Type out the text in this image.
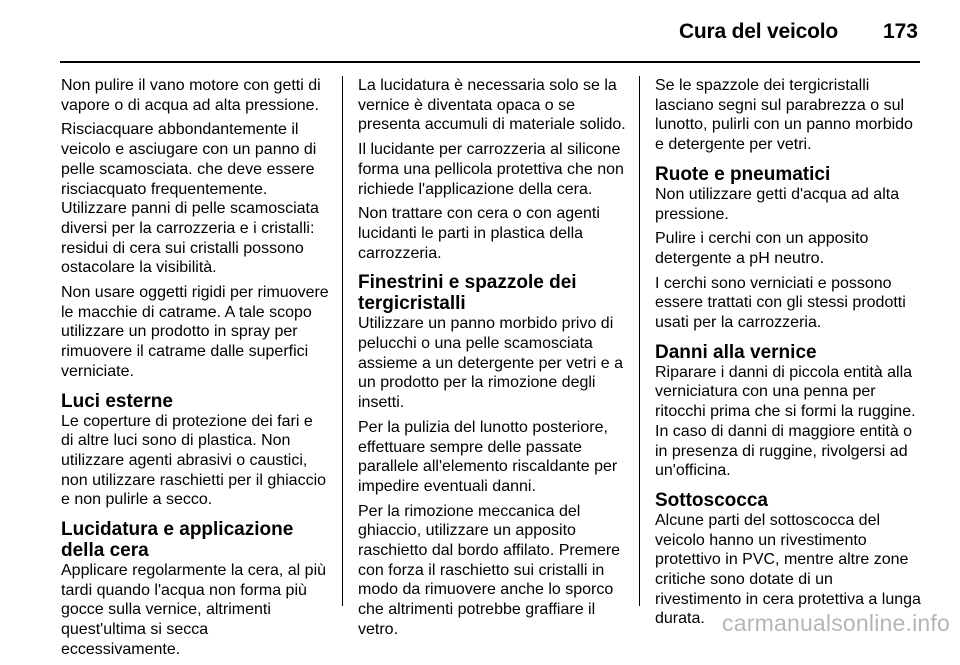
Cura del veicolo 173

Non pulire il vano motore con getti di vapore o di acqua ad alta pressione.

Risciacquare abbondantemente il veicolo e asciugare con un panno di pelle scamosciata. che deve essere risciacquato frequentemente. Utilizzare panni di pelle scamosciata diversi per la carrozzeria e i cristalli: residui di cera sui cristalli possono ostacolare la visibilità.

Non usare oggetti rigidi per rimuovere le macchie di catrame. A tale scopo utilizzare un prodotto in spray per rimuovere il catrame dalle superfici verniciate.

Luci esterne

Le coperture di protezione dei fari e di altre luci sono di plastica. Non utilizzare agenti abrasivi o caustici, non utilizzare raschietti per il ghiaccio e non pulirle a secco.

Lucidatura e applicazione della cera

Applicare regolarmente la cera, al più tardi quando l'acqua non forma più gocce sulla vernice, altrimenti quest'ultima si secca eccessivamente.

La lucidatura è necessaria solo se la vernice è diventata opaca o se presenta accumuli di materiale solido.

Il lucidante per carrozzeria al silicone forma una pellicola protettiva che non richiede l'applicazione della cera.

Non trattare con cera o con agenti lucidanti le parti in plastica della carrozzeria.

Finestrini e spazzole dei tergicristalli

Utilizzare un panno morbido privo di pelucchi o una pelle scamosciata assieme a un detergente per vetri e a un prodotto per la rimozione degli insetti.

Per la pulizia del lunotto posteriore, effettuare sempre delle passate parallele all'elemento riscaldante per impedire eventuali danni.

Per la rimozione meccanica del ghiaccio, utilizzare un apposito raschietto dal bordo affilato. Premere con forza il raschietto sui cristalli in modo da rimuovere anche lo sporco che altrimenti potrebbe graffiare il vetro.

Se le spazzole dei tergicristalli lasciano segni sul parabrezza o sul lunotto, pulirli con un panno morbido e detergente per vetri.

Ruote e pneumatici

Non utilizzare getti d'acqua ad alta pressione.

Pulire i cerchi con un apposito detergente a pH neutro.

I cerchi sono verniciati e possono essere trattati con gli stessi prodotti usati per la carrozzeria.

Danni alla vernice

Riparare i danni di piccola entità alla verniciatura con una penna per ritocchi prima che si formi la ruggine. In caso di danni di maggiore entità o in presenza di ruggine, rivolgersi ad un'officina.

Sottoscocca

Alcune parti del sottoscocca del veicolo hanno un rivestimento protettivo in PVC, mentre altre zone critiche sono dotate di un rivestimento in cera protettiva a lunga durata. carmanualsonline.info
